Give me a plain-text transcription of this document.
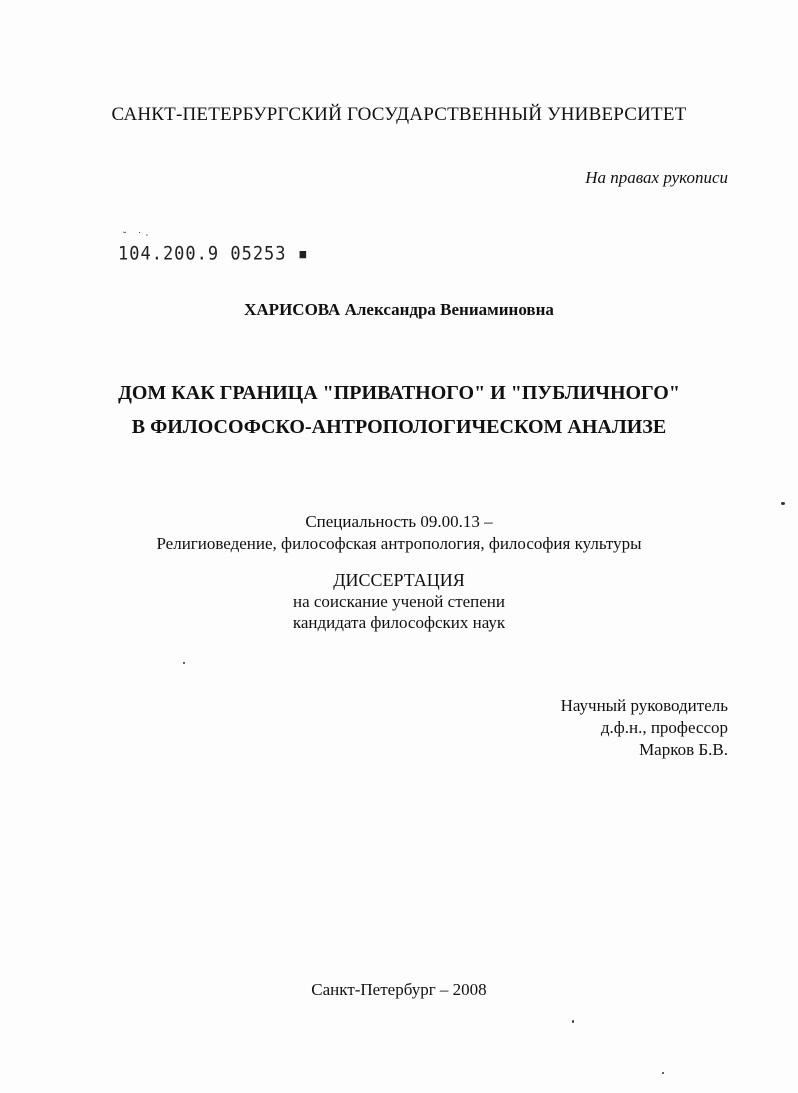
САНКТ-ПЕТЕРБУРГСКИЙ ГОСУДАРСТВЕННЫЙ УНИВЕРСИТЕТ
На правах рукописи
˘ ˙ˑ
104.200.9 05253 ▪
ХАРИСОВА Александра Вениаминовна
ДОМ КАК ГРАНИЦА "ПРИВАТНОГО" И "ПУБЛИЧНОГО"
В ФИЛОСОФСКО-АНТРОПОЛОГИЧЕСКОМ АНАЛИЗЕ
Специальность 09.00.13 –
Религиоведение, философская антропология, философия культуры
ДИССЕРТАЦИЯ
на соискание ученой степени
кандидата философских наук
Научный руководитель
д.ф.н., профессор
Марков Б.В.
Санкт-Петербург – 2008
